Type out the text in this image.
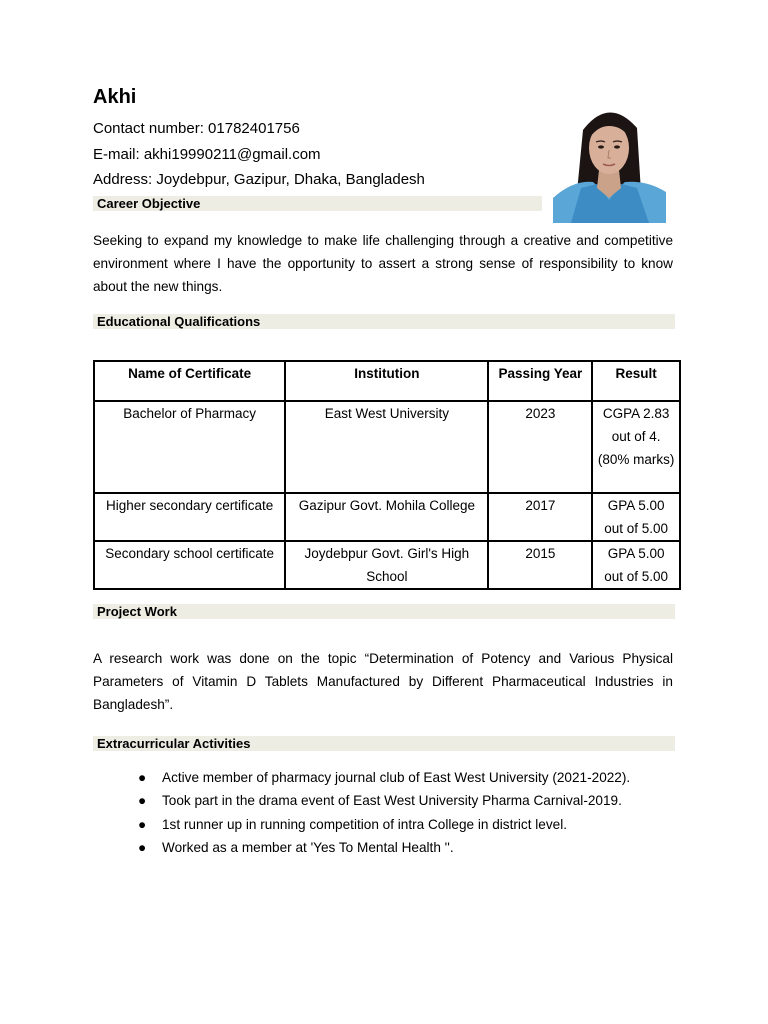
Akhi
Contact number: 01782401756
E-mail: akhi19990211@gmail.com
Address: Joydebpur, Gazipur, Dhaka, Bangladesh
Career Objective

Seeking to expand my knowledge to make life challenging through a creative and competitive environment where I have the opportunity to assert a strong sense of responsibility to know about the new things.

Educational Qualifications
Name of Certificate	Institution	Passing Year	Result
Bachelor of Pharmacy	East West University	2023	CGPA 2.83 out of 4. (80% marks)
Higher secondary certificate	Gazipur Govt. Mohila College	2017	GPA 5.00 out of 5.00
Secondary school certificate	Joydebpur Govt. Girl's High School	2015	GPA 5.00 out of 5.00
Project Work

A research work was done on the topic “Determination of Potency and Various Physical Parameters of Vitamin D Tablets Manufactured by Different Pharmaceutical Industries in Bangladesh”.

Extracurricular Activities
● Active member of pharmacy journal club of East West University (2021-2022).
● Took part in the drama event of East West University Pharma Carnival-2019.
● 1st runner up in running competition of intra College in district level.
● Worked as a member at 'Yes To Mental Health ''.
